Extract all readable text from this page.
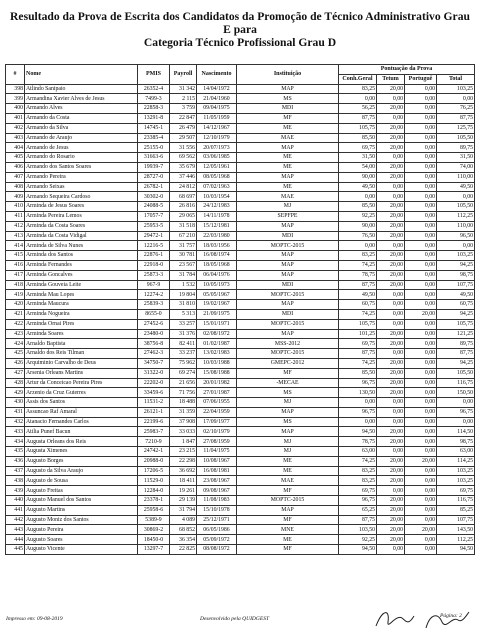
Resultado da Prova de Escrita dos Candidatos da Promoção de Técnico Administrativo Grau
E para
Categoria Técnico Profissional Grau D
#	Nome	PMIS	Payroll	Nascimento	Instituição	Pontuação da Prova			
						Conh.Geral	Tetum	Portuguê	Total
398	Atlindo Sanipaio	26352-4	31 342	14/04/1972	MAP	83,25	20,00	0,00	103,25
399	Armandina Xavier Alves de Jesus	7499-3	2 115	21/04/1960	MS	0,00	0,00	0,00	0,00
400	Armando Alves	22858-3	3 759	09/04/1975	MDI	56,25	20,00	0,00	76,25
401	Armando da Costa	13291-8	22 847	11/05/1959	MF	87,75	0,00	0,00	87,75
402	Armando da Silva	14745-1	26 479	14/12/1967	ME	105,75	20,00	0,00	125,75
403	Armando de Araujo	23385-4	29 507	12/10/1979	MAE	85,50	20,00	0,00	105,50
404	Armando de Jesus	25155-0	31 556	20/07/1973	MAP	69,75	20,00	0,00	89,75
405	Armando do Rosario	31663-6	69 562	03/06/1985	ME	31,50	0,00	0,00	31,50
406	Armando dos Santos Soares	19939-7	35 679	12/05/1961	ME	54,00	20,00	0,00	74,00
407	Armando Pereira	28727-0	37 446	08/05/1968	MAP	90,00	20,00	0,00	110,00
408	Armando Seixas	26782-1	24 812	07/02/1963	ME	49,50	0,00	0,00	49,50
409	Armando Sequeira Cardoso	30302-0	68 697	10/03/1954	MAE	0,00	0,00	0,00	0,00
410	Arminda de Jesus Soares	24088-5	26 816	24/12/1983	MJ	85,50	20,00	0,00	105,50
411	Arminda Pereira Lemos	17057-7	29 065	14/11/1978	SEPFPE	92,25	20,00	0,00	112,25
412	Arminda da Costa Soares	25953-5	31 518	15/12/1981	MAP	90,00	20,00	0,00	110,00
413	Arminda da Costa Vidigal	29472-1	67 210	22/03/1980	MDI	76,50	20,00	0,00	96,50
414	Arminda de Silva Nunes	12216-5	31 757	18/03/1956	MOPTC-2015	0,00	0,00	0,00	0,00
415	Arminda dos Santos	22876-1	30 781	16/08/1974	MAP	83,25	20,00	0,00	103,25
416	Arminda Fernandes	22918-0	23 567	18/05/1968	MAP	74,25	20,00	0,00	94,25
417	Arminda Goncalves	25873-3	31 784	06/04/1976	MAP	78,75	20,00	0,00	98,75
418	Arminda Gouveia Leite	967-9	1 532	10/05/1973	MDI	87,75	20,00	0,00	107,75
419	Arminda Mau Lopes	12274-2	19 804	05/05/1967	MOPTC-2015	49,50	0,00	0,00	49,50
420	Arminda Maucura	25839-3	31 810	19/02/1967	MAP	60,75	0,00	0,00	60,75
421	Arminda Nogueira	8655-0	5 313	21/09/1975	MDI	74,25	0,00	20,00	94,25
422	Arminda Ornai Pires	27452-6	33 257	15/01/1971	MOPTC-2015	105,75	0,00	0,00	105,75
423	Arminda Soares	23480-0	31 376	02/08/1972	MAP	101,25	20,00	0,00	121,25
424	Arnaldo Baptista	38756-8	82 411	01/02/1987	MSS-2012	69,75	20,00	0,00	89,75
425	Arnaldo dos Reis Tilman	27462-3	33 237	13/02/1983	MOPTC-2015	87,75	0,00	0,00	87,75
426	Arquiminio Carvalho de Deus	34750-7	75 962	10/03/1988	GMEPC-2012	74,25	20,00	0,00	94,25
427	Arsenia Orleans Martins	31322-0	69 274	15/08/1988	MF	85,50	20,00	0,00	105,50
428	Artur da Conceicao Pereira Pires	22202-0	21 656	20/01/1982	-MECAE	96,75	20,00	0,00	116,75
429	Arzenio da Cruz Guterres	33459-6	71 756	27/01/1987	MS	130,50	20,00	0,00	150,50
430	Assis dos Santos	11531-2	18 488	07/06/1955	MJ	0,00	0,00	0,00	0,00
431	Assuncao Raf Amaral	26121-1	31 359	22/04/1959	MAP	96,75	0,00	0,00	96,75
432	Atanacio Fernandes Carlos	22199-6	37 908	17/09/1977	MS	0,00	0,00	0,00	0,00
433	Atilia Punef Bacun	25983-7	33 033	02/10/1979	MAP	94,50	20,00	0,00	114,50
434	Augusta Orleans dos Reis	7210-9	1 847	27/08/1959	MJ	78,75	20,00	0,00	98,75
435	Augusta Ximenes	24742-1	23 215	11/04/1975	MJ	63,00	0,00	0,00	63,00
436	Augusto Borges	20988-0	22 298	10/08/1967	ME	74,25	20,00	20,00	114,25
437	Augusto da Silva Araujo	17206-5	36 692	16/08/1981	ME	83,25	20,00	0,00	103,25
438	Augusto de Sousa	11529-0	18 411	23/08/1967	MAE	83,25	20,00	0,00	103,25
439	Augusto Freitas	12284-0	19 261	09/08/1967	MF	69,75	0,00	0,00	69,75
440	Augusto Manuel dos Santos	23378-1	29 139	11/08/1983	MOPTC-2015	96,75	20,00	0,00	116,75
441	Augusto Martins	25958-6	31 794	15/10/1978	MAP	65,25	20,00	0,00	85,25
442	Augusto Moniz dos Santos	5389-9	4 089	25/12/1971	MF	87,75	20,00	0,00	107,75
443	Augusto Pereira	30869-2	68 852	06/05/1986	MNE	103,50	20,00	20,00	143,50
444	Augusto Soares	18450-0	36 354	05/09/1972	ME	92,25	20,00	0,00	112,25
445	Augusto Vicente	13297-7	22 825	08/08/1972	MF	94,50	0,00	0,00	94,50
Impresso em: 09-08-2019	Desenvolvido pela QUIDGEST	Página: 2
